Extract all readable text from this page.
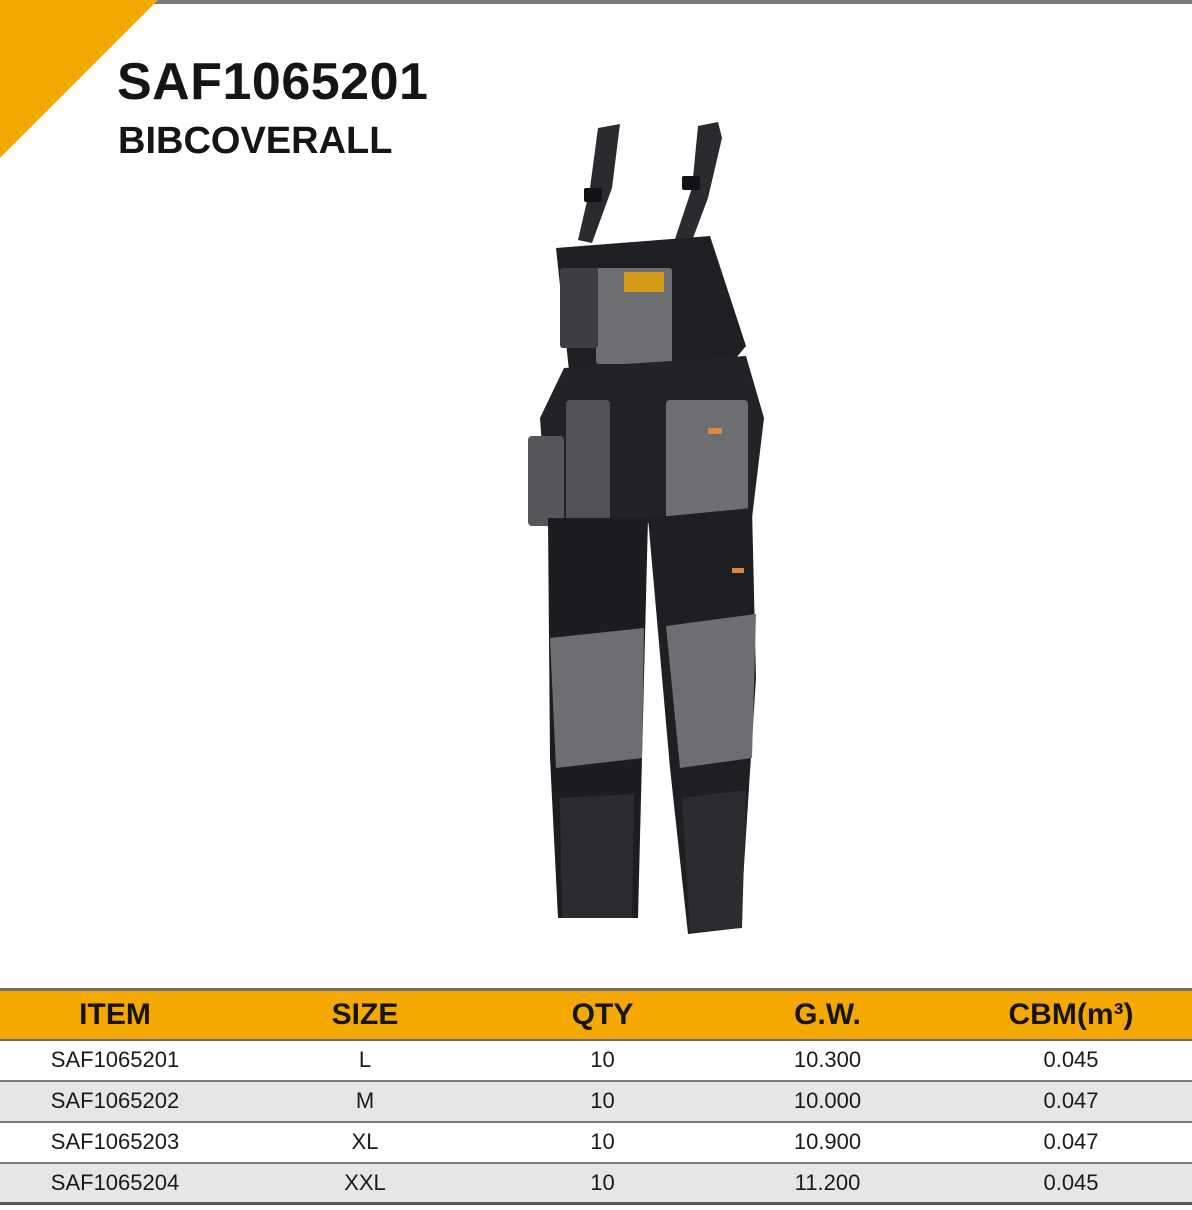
SAF1065201
BIBCOVERALL
ITEM	SIZE	QTY	G.W.	CBM(m³)
SAF1065201	L	10	10.300	0.045
SAF1065202	M	10	10.000	0.047
SAF1065203	XL	10	10.900	0.047
SAF1065204	XXL	10	11.200	0.045
